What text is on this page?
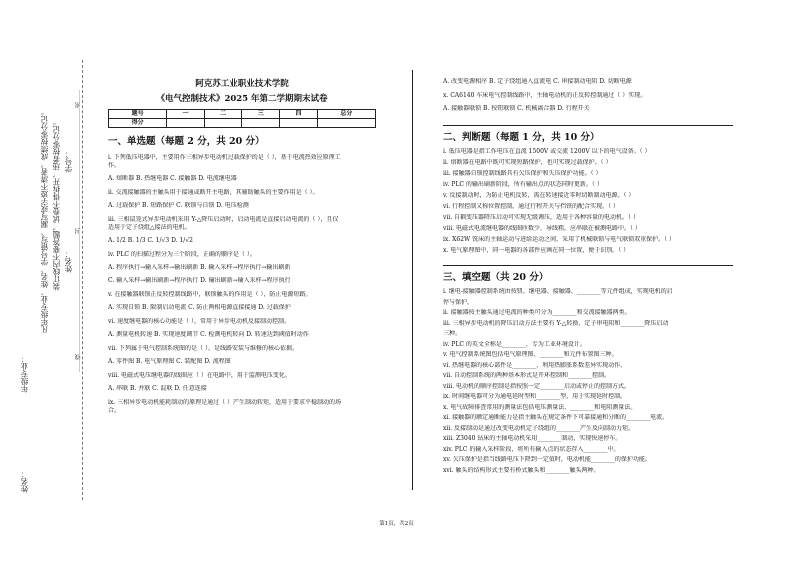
学号：
装订线内不要答题，试卷不得拆开，违者按零分记。
凡年级专业、姓名、学号错写、漏写或字迹不清者，成绩按零分记。 姓名：
年级专业：
姓名：
……线……………………………………………………封……………………………………………………密……
阿克苏工业职业技术学院
《电气控制技术》2025 年第二学期期末试卷
题号	一	二	三	四	总分
得分					
一、单选题（每题 2 分，共 20 分）
i. 下列低压电器中，主要用作三相异步电动机过载保护的是（ ），基于电流热效应原理工
作。
A. 熔断器 B. 热继电器 C. 接触器 D. 电流继电器
ii. 交流接触器的主触头用于接通或断开主电路，其辅助触头的主要作用是（ ）。
A. 过载保护 B. 短路保护 C. 联锁与自锁 D. 电压检测
iii. 三相鼠笼式异步电动机采用 Y-△降压启动时，启动电流是直接启动电流的（ ），且仅
适用于定子绕组△接法的电机。
A. 1/2 B. 1/3 C. 1/√3 D. 1/√2
iv. PLC 的扫描过程分为三个阶段，正确的顺序是（ ）。
A. 程序执行→输入采样→输出刷新 B. 输入采样→程序执行→输出刷新
C. 输入采样→输出刷新→程序执行 D. 输出刷新→输入采样→程序执行
v. 在接触器联锁正反转控制线路中，联锁触头的作用是（ ），防止电源短路。
A. 实现自锁 B. 限制启动电流 C. 防止两相电源直接接通 D. 过载保护
vi. 速度继电器的核心功能是（ ），常用于异步电动机反接制动控制。
A. 测量电机转速 B. 实现速度调节 C. 检测电机转向 D. 转速达到阈值时动作
vii. 下列属于电气控制系统图的是（ ），是线路安装与维修的核心依据。
A. 零件图 B. 电气原理图 C. 装配图 D. 流程图
viii. 电磁式电压继电器的线圈应（ ）在电路中，用于监测电压变化。
A. 串联 B. 并联 C. 混联 D. 任意连接
ix. 三相异步电动机能耗制动的原理是通过（ ）产生制动转矩，适用于要求平稳制动的场
合。
A. 改变电源相序 B. 定子绕组通入直流电 C. 串接制动电阻 D. 切断电源
x. CA6140 车床电气控制线路中，主轴电动机的正反转控制通过（ ）实现。
A. 接触器联锁 B. 按钮联锁 C. 机械离合器 D. 行程开关
二、判断题（每题 1 分，共 10 分）
i. 低压电器是指工作电压在直流 1500V 或交流 1200V 以下的电气设备。（ ）
ii. 熔断器在电路中既可实现短路保护，也可实现过载保护。（ ）
iii. 接触器自锁控制线路具有欠压保护和失压保护功能。（ ）
iv. PLC 的输出刷新阶段，所有输出点的状态同时更新。（ ）
v. 反接制动时，为防止电机反转，需在转速接近零时切断制动电源。（ ）
vi. 行程控制又称位置控制，通过行程开关与挡铁的配合实现。（ ）
vii. 自耦变压器降压启动可实现无级调压，适用于各种容量的电动机。（ ）
viii. 电磁式电流继电器的线圈匝数少、导线粗，应串联在被测电路中。（ ）
ix. X62W 铣床的主轴运动与进给运动之间，采用了机械联锁与电气联锁双重保护。（ ）
x. 电气原理图中，同一电器的各部件应画在同一位置，便于识别。（ ）
三、填空题（共 20 分）
i. 继电-接触器控制系统由按钮、继电器、接触器、________等元件组成，实现电机的启
停与保护。
ii. 接触器按主触头通过电流的种类可分为________和交流接触器两类。
iii. 三相异步电动机的降压启动方法主要有 Y-△转换、定子串电阻和________降压启动
三种。
iv. PLC 的英文全称是________，专为工业环境设计。
v. 电气控制系统图包括电气原理图、________和元件布置图三种。
vi. 热继电器的核心部件是________，利用热膨胀系数差异实现动作。
vii. 自动控制系统的两种基本形式是开环控制和________控制。
viii. 电动机的顺序控制是指按照一定________启动或停止的控制方式。
ix. 时间继电器可分为通电延时型和________型，用于实现延时控制。
x. 电气故障排查常用的测量法包括电压测量法、________和电阻测量法。
xi. 接触器的额定通断能力是指主触头在规定条件下可靠接通和分断的________电流。
xii. 反接制动是通过改变电动机定子绕组的________产生反向制动力矩。
xiii. Z3040 钻床的主轴电动机采用________制动，实现快速停车。
xiv. PLC 的输入采样阶段，将所有输入点的状态存入________中。
xv. 欠压保护是指当线路电压下降到一定值时，电动机能________的保护功能。
xvi. 触头的结构形式主要有桥式触头和________触头两种。
第1页，共2页
